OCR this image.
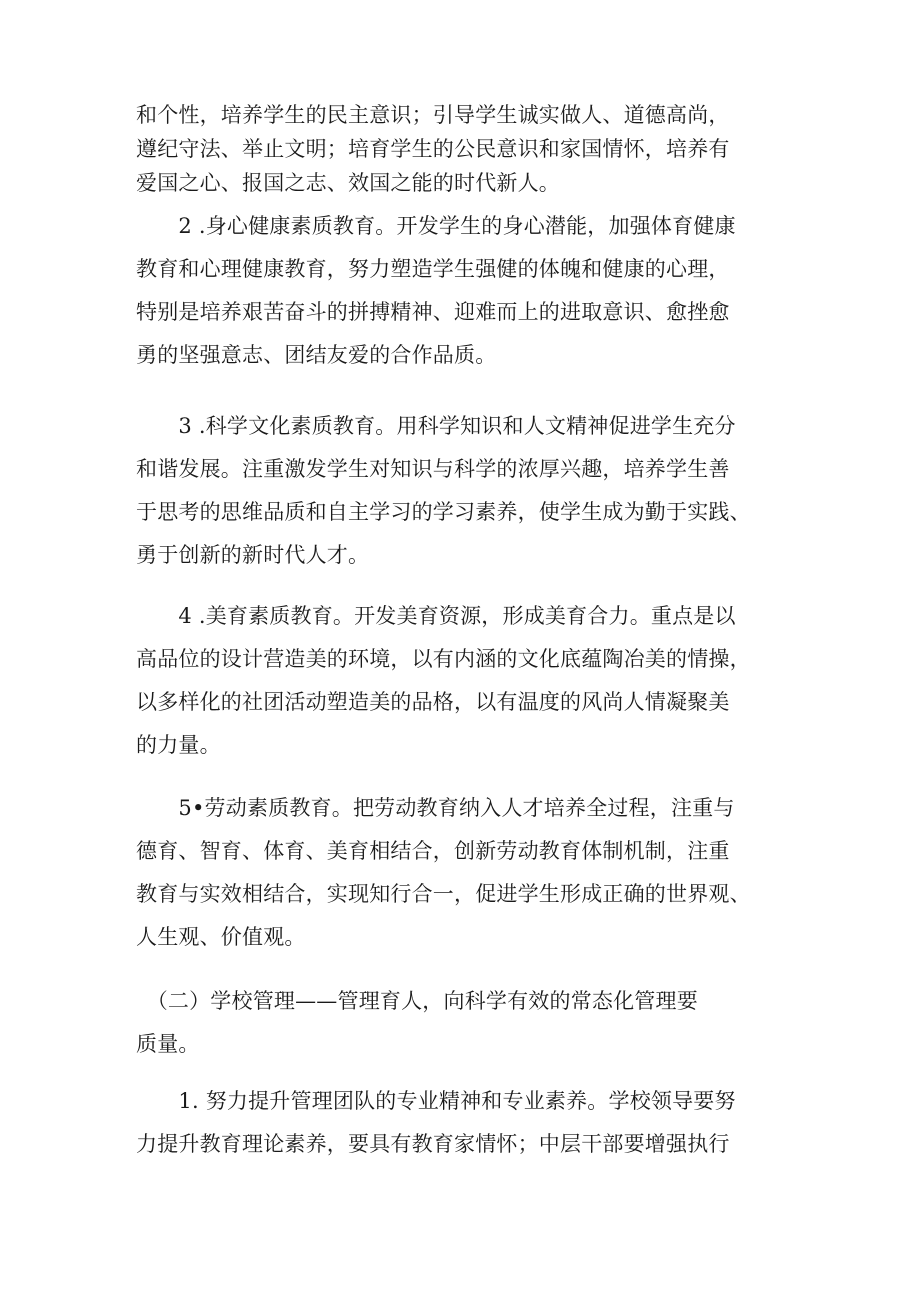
和个性，培养学生的民主意识；引导学生诚实做人、道德高尚，
遵纪守法、举止文明；培育学生的公民意识和家国情怀，培养有
爱国之心、报国之志、效国之能的时代新人。

　　2 .身心健康素质教育。开发学生的身心潜能，加强体育健康
教育和心理健康教育，努力塑造学生强健的体魄和健康的心理，
特别是培养艰苦奋斗的拼搏精神、迎难而上的进取意识、愈挫愈
勇的坚强意志、团结友爱的合作品质。

　　3 .科学文化素质教育。用科学知识和人文精神促进学生充分
和谐发展。注重激发学生对知识与科学的浓厚兴趣，培养学生善
于思考的思维品质和自主学习的学习素养，使学生成为勤于实践、
勇于创新的新时代人才。

　　4 .美育素质教育。开发美育资源，形成美育合力。重点是以
高品位的设计营造美的环境，以有内涵的文化底蕴陶冶美的情操，
以多样化的社团活动塑造美的品格，以有温度的风尚人情凝聚美
的力量。

　　5•劳动素质教育。把劳动教育纳入人才培养全过程，注重与
德育、智育、体育、美育相结合，创新劳动教育体制机制，注重
教育与实效相结合，实现知行合一，促进学生形成正确的世界观、
人生观、价值观。

　（二）学校管理——管理育人，向科学有效的常态化管理要
质量。

　　1. 努力提升管理团队的专业精神和专业素养。学校领导要努
力提升教育理论素养，要具有教育家情怀；中层干部要增强执行
